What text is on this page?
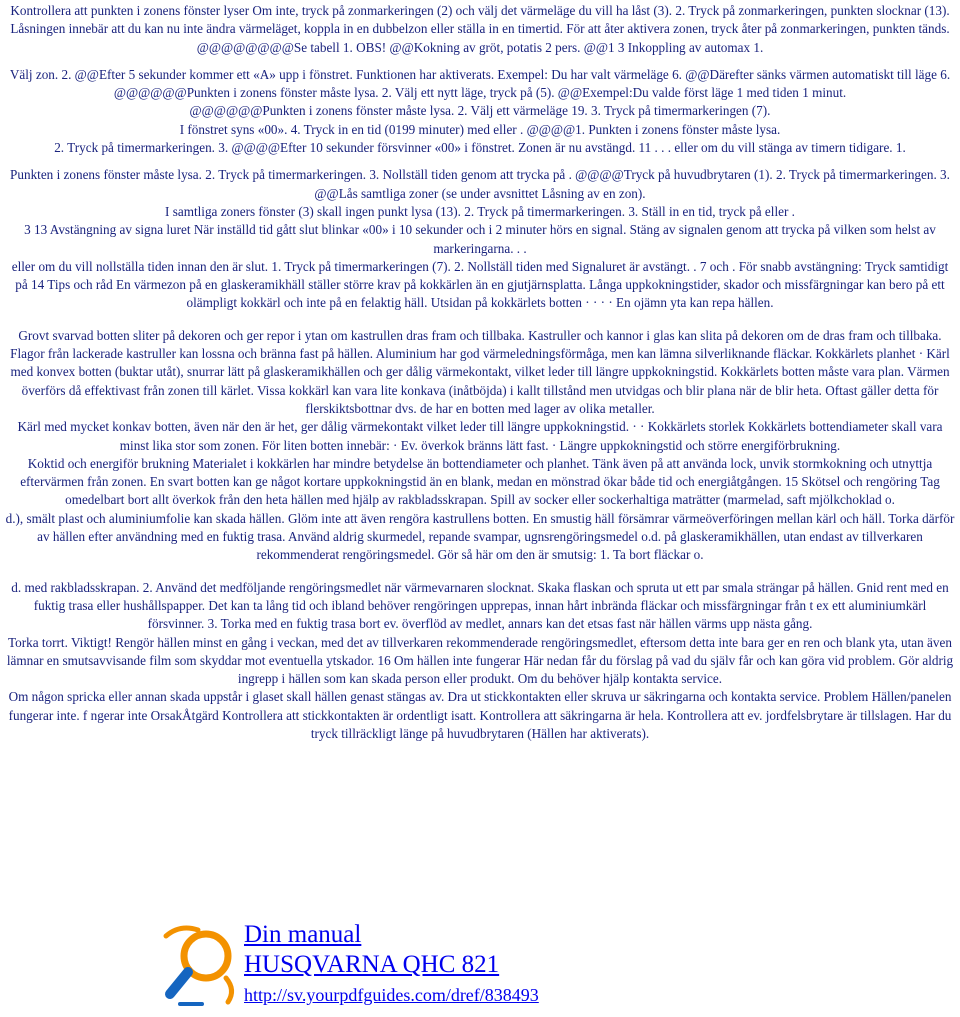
Kontrollera att punkten i zonens fönster lyser Om inte, tryck på zonmarkeringen (2) och välj det värmeläge du vill ha låst (3). 2. Tryck på zonmarkeringen, punkten slocknar (13). Låsningen innebär att du kan nu inte ändra värmeläget, koppla in en dubbelzon eller ställa in en timertid. För att åter aktivera zonen, tryck åter på zonmarkeringen, punkten tänds. @@@@@@@@Se tabell 1. OBS! @@Kokning av gröt, potatis 2 pers. @@1 3 Inkoppling av automax 1.

Välj zon. 2. @@Efter 5 sekunder kommer ett «A» upp i fönstret. Funktionen har aktiverats. Exempel: Du har valt värmeläge 6. @@Därefter sänks värmen automatiskt till läge 6. @@@@@@Punkten i zonens fönster måste lysa. 2. Välj ett nytt läge, tryck på (5). @@Exempel:Du valde först läge 1 med tiden 1 minut.

@@@@@@Punkten i zonens fönster måste lysa. 2. Välj ett värmeläge 19. 3. Tryck på timermarkeringen (7).

I fönstret syns «00». 4. Tryck in en tid (0199 minuter) med eller . @@@@1. Punkten i zonens fönster måste lysa.

2. Tryck på timermarkeringen. 3. @@@@Efter 10 sekunder försvinner «00» i fönstret. Zonen är nu avstängd. 11 . . . eller om du vill stänga av timern tidigare. 1.

Punkten i zonens fönster måste lysa. 2. Tryck på timermarkeringen. 3. Nollställ tiden genom att trycka på . @@@@Tryck på huvudbrytaren (1). 2. Tryck på timermarkeringen. 3. @@Lås samtliga zoner (se under avsnittet Låsning av en zon).

I samtliga zoners fönster (3) skall ingen punkt lysa (13). 2. Tryck på timermarkeringen. 3. Ställ in en tid, tryck på eller .

3 13 Avstängning av signa luret När inställd tid gått slut blinkar «00» i 10 sekunder och i 2 minuter hörs en signal. Stäng av signalen genom att trycka på vilken som helst av markeringarna. . .

eller om du vill nollställa tiden innan den är slut. 1. Tryck på timermarkeringen (7). 2. Nollställ tiden med Signaluret är avstängt. . 7 och . För snabb avstängning: Tryck samtidigt på 14 Tips och råd En värmezon på en glaskeramikhäll ställer större krav på kokkärlen än en gjutjärnsplatta. Långa uppkokningstider, skador och missfärgningar kan bero på ett olämpligt kokkärl och inte på en felaktig häll. Utsidan på kokkärlets botten · · · · En ojämn yta kan repa hällen.

Grovt svarvad botten sliter på dekoren och ger repor i ytan om kastrullen dras fram och tillbaka. Kastruller och kannor i glas kan slita på dekoren om de dras fram och tillbaka. Flagor från lackerade kastruller kan lossna och bränna fast på hällen. Aluminium har god värmeledningsförmåga, men kan lämna silverliknande fläckar. Kokkärlets planhet · Kärl med konvex botten (buktar utåt), snurrar lätt på glaskeramikhällen och ger dålig värmekontakt, vilket leder till längre uppkokningstid. Kokkärlets botten måste vara plan. Värmen överförs då effektivast från zonen till kärlet. Vissa kokkärl kan vara lite konkava (inåtböjda) i kallt tillstånd men utvidgas och blir plana när de blir heta. Oftast gäller detta för flerskiktsbottnar dvs. de har en botten med lager av olika metaller.

Kärl med mycket konkav botten, även när den är het, ger dålig värmekontakt vilket leder till längre uppkokningstid. · · Kokkärlets storlek Kokkärlets bottendiameter skall vara minst lika stor som zonen. För liten botten innebär: · Ev. överkok bränns lätt fast. · Längre uppkokningstid och större energiförbrukning.

Koktid och energiför brukning Materialet i kokkärlen har mindre betydelse än bottendiameter och planhet. Tänk även på att använda lock, unvik stormkokning och utnyttja eftervärmen från zonen. En svart botten kan ge något kortare uppkokningstid än en blank, medan en mönstrad ökar både tid och energiåtgången. 15 Skötsel och rengöring Tag omedelbart bort allt överkok från den heta hällen med hjälp av rakbladsskrapan. Spill av socker eller sockerhaltiga maträtter (marmelad, saft mjölkchoklad o.

d.), smält plast och aluminiumfolie kan skada hällen. Glöm inte att även rengöra kastrullens botten. En smustig häll försämrar värmeöverföringen mellan kärl och häll. Torka därför av hällen efter användning med en fuktig trasa. Använd aldrig skurmedel, repande svampar, ugnsrengöringsmedel o.d. på glaskeramikhällen, utan endast av tillverkaren rekommenderat rengöringsmedel. Gör så här om den är smutsig: 1. Ta bort fläckar o.

d. med rakbladsskrapan. 2. Använd det medföljande rengöringsmedlet när värmevarnaren slocknat. Skaka flaskan och spruta ut ett par smala strängar på hällen. Gnid rent med en fuktig trasa eller hushållspapper. Det kan ta lång tid och ibland behöver rengöringen upprepas, innan hårt inbrända fläckar och missfärgningar från t ex ett aluminiumkärl försvinner. 3. Torka med en fuktig trasa bort ev. överflöd av medlet, annars kan det etsas fast när hällen värms upp nästa gång.

Torka torrt. Viktigt! Rengör hällen minst en gång i veckan, med det av tillverkaren rekommenderade rengöringsmedlet, eftersom detta inte bara ger en ren och blank yta, utan även lämnar en smutsavvisande film som skyddar mot eventuella ytskador. 16 Om hällen inte fungerar Här nedan får du förslag på vad du själv får och kan göra vid problem. Gör aldrig ingrepp i hällen som kan skada person eller produkt. Om du behöver hjälp kontakta service.

Om någon spricka eller annan skada uppstår i glaset skall hällen genast stängas av. Dra ut stickkontakten eller skruva ur säkringarna och kontakta service. Problem Hällen/panelen fungerar inte. f ngerar inte OrsakÅtgärd Kontrollera att stickkontakten är ordentligt isatt. Kontrollera att säkringarna är hela. Kontrollera att ev. jordfelsbrytare är tillslagen. Har du tryck tillräckligt länge på huvudbrytaren (Hällen har aktiverats).

Din manual
HUSQVARNA QHC 821
http://sv.yourpdfguides.com/dref/838493
